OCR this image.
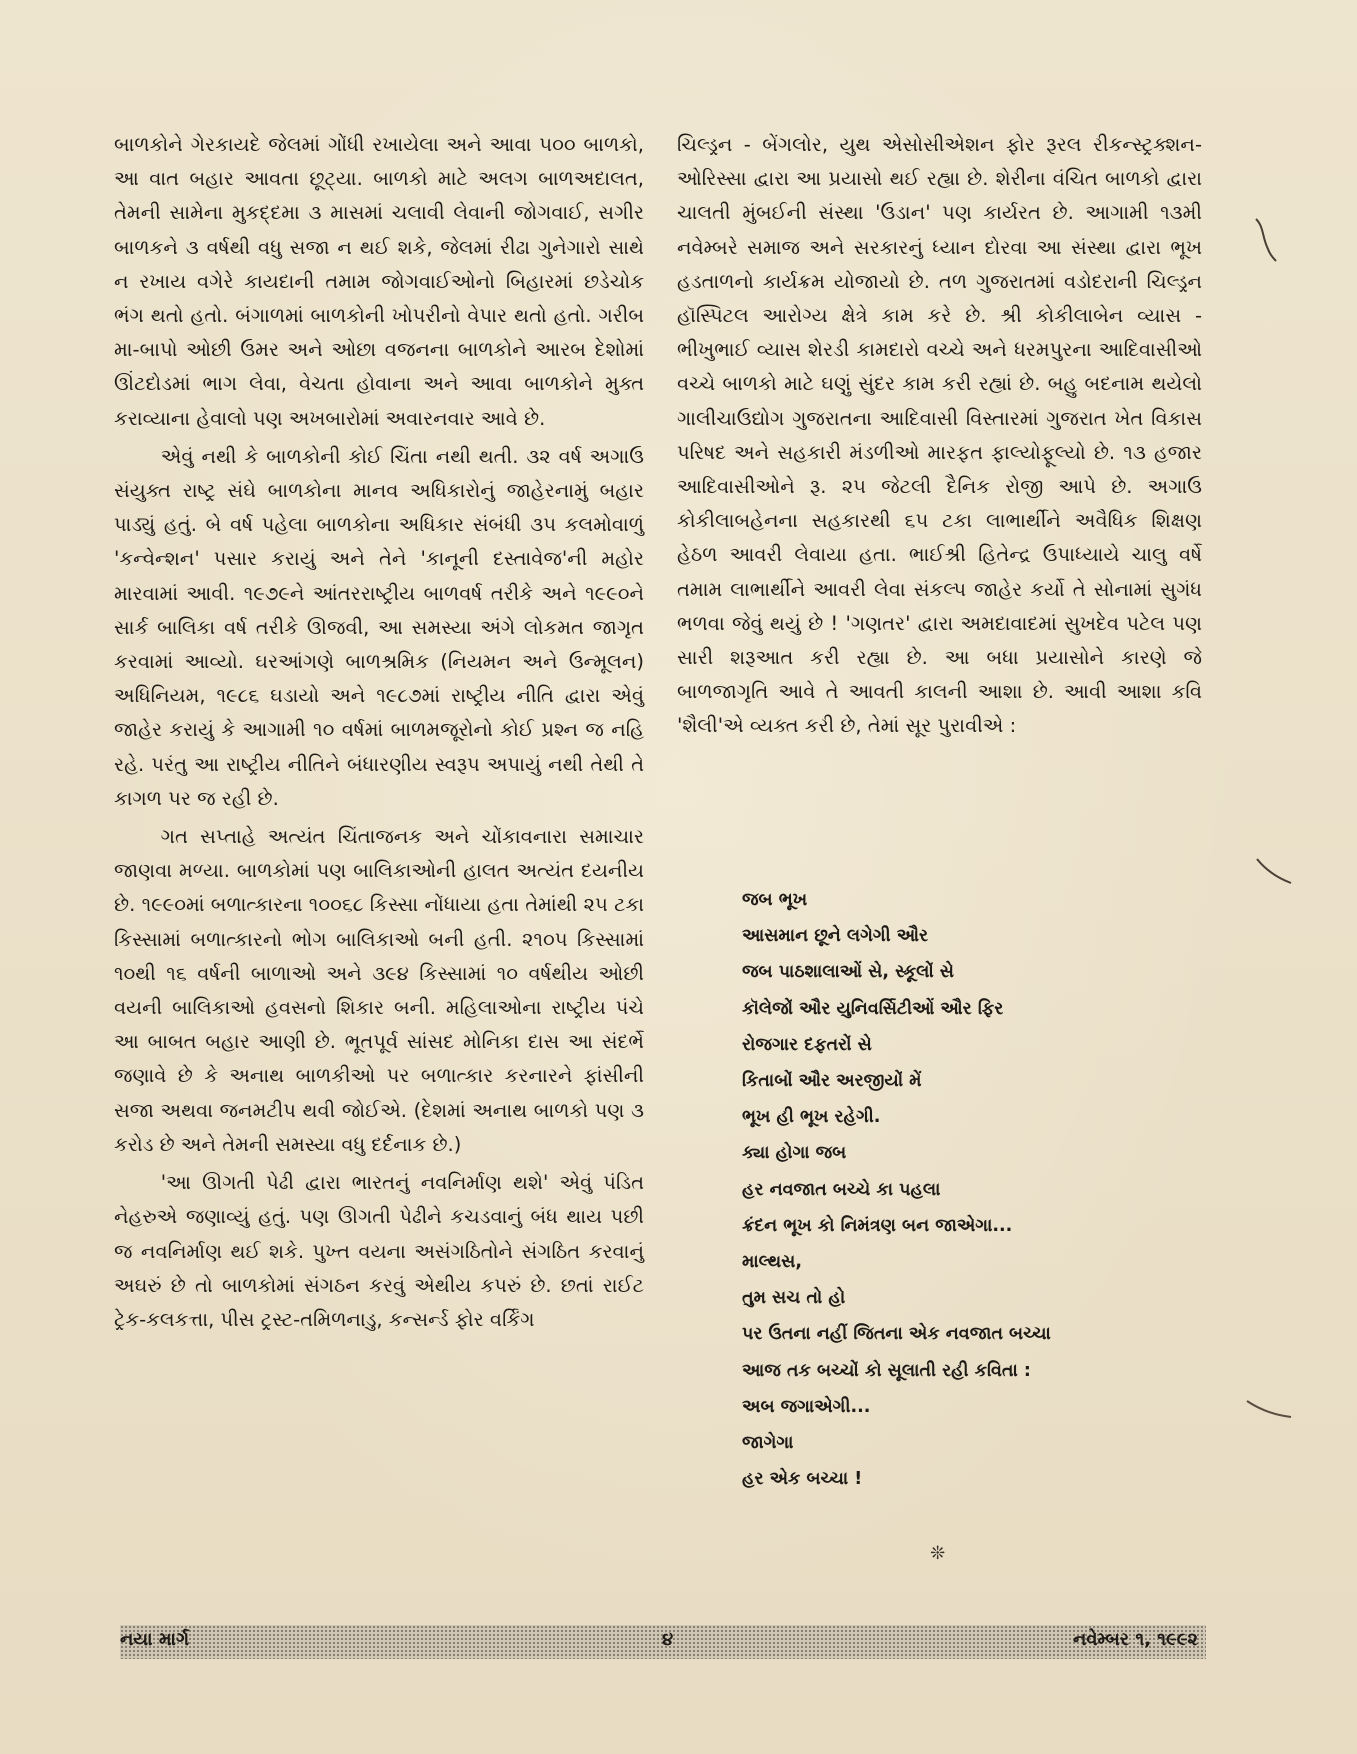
બાળકોને ગેરકાયદે જેલમાં ગોંધી રખાયેલા અને આવા ૫૦૦ બાળકો, આ વાત બહાર આવતા છૂટ્યા. બાળકો માટે અલગ બાળઅદાલત, તેમની સામેના મુકદ્દમા ૩ માસમાં ચલાવી લેવાની જોગવાઈ, સગીર બાળકને ૩ વર્ષથી વધુ સજા ન થઈ શકે, જેલમાં રીઢા ગુનેગારો સાથે ન રખાય વગેરે કાયદાની તમામ જોગવાઈઓનો બિહારમાં છડેચોક ભંગ થતો હતો. બંગાળમાં બાળકોની ખોપરીનો વેપાર થતો હતો. ગરીબ મા-બાપો ઓછી ઉમર અને ઓછા વજનના બાળકોને આરબ દેશોમાં ઊંટદોડમાં ભાગ લેવા, વેચતા હોવાના અને આવા બાળકોને મુક્ત કરાવ્યાના હેવાલો પણ અખબારોમાં અવારનવાર આવે છે.

એવું નથી કે બાળકોની કોઈ ચિંતા નથી થતી. ૩૨ વર્ષ અગાઉ સંયુક્ત રાષ્ટ્ર સંઘે બાળકોના માનવ અધિકારોનું જાહેરનામું બહાર પાડ્યું હતું. બે વર્ષ પહેલા બાળકોના અધિકાર સંબંધી ૩૫ કલમોવાળું 'કન્વેન્શન' પસાર કરાયું અને તેને 'કાનૂની દસ્તાવેજ'ની મહોર મારવામાં આવી. ૧૯૭૯ને આંતરરાષ્ટ્રીય બાળવર્ષ તરીકે અને ૧૯૯૦ને સાર્ક બાલિકા વર્ષ તરીકે ઊજવી, આ સમસ્યા અંગે લોકમત જાગૃત કરવામાં આવ્યો. ઘરઆંગણે બાળશ્રમિક (નિયમન અને ઉન્મૂલન) અધિનિયમ, ૧૯૮૬ ઘડાયો અને ૧૯૮૭માં રાષ્ટ્રીય નીતિ દ્વારા એવું જાહેર કરાયું કે આગામી ૧૦ વર્ષમાં બાળમજૂરોનો કોઈ પ્રશ્ન જ નહિ રહે. પરંતુ આ રાષ્ટ્રીય નીતિને બંધારણીય સ્વરૂપ અપાયું નથી તેથી તે કાગળ પર જ રહી છે.

ગત સપ્તાહે અત્યંત ચિંતાજનક અને ચોંકાવનારા સમાચાર જાણવા મળ્યા. બાળકોમાં પણ બાલિકાઓની હાલત અત્યંત દયનીય છે. ૧૯૯૦માં બળાત્કારના ૧૦૦૬૮ કિસ્સા નોંધાયા હતા તેમાંથી ૨૫ ટકા કિસ્સામાં બળાત્કારનો ભોગ બાલિકાઓ બની હતી. ૨૧૦૫ કિસ્સામાં ૧૦થી ૧૬ વર્ષની બાળાઓ અને ૩૯૪ કિસ્સામાં ૧૦ વર્ષથીય ઓછી વયની બાલિકાઓ હવસનો શિકાર બની. મહિલાઓના રાષ્ટ્રીય પંચે આ બાબત બહાર આણી છે. ભૂતપૂર્વ સાંસદ મોનિકા દાસ આ સંદર્ભે જણાવે છે કે અનાથ બાળકીઓ પર બળાત્કાર કરનારને ફાંસીની સજા અથવા જનમટીપ થવી જોઈએ. (દેશમાં અનાથ બાળકો પણ ૩ કરોડ છે અને તેમની સમસ્યા વધુ દર્દનાક છે.)

'આ ઊગતી પેઢી દ્વારા ભારતનું નવનિર્માણ થશે' એવું પંડિત નેહરુએ જણાવ્યું હતું. પણ ઊગતી પેઢીને કચડવાનું બંધ થાય પછી જ નવનિર્માણ થઈ શકે. પુખ્ત વયના અસંગઠિતોને સંગઠિત કરવાનું અઘરું છે તો બાળકોમાં સંગઠન કરવું એથીય કપરું છે. છતાં રાઈટ ટ્રેક-કલકત્તા, પીસ ટ્રસ્ટ-તમિળનાડુ, કન્સર્ન્ડ ફોર વર્કિંગ

ચિલ્ડ્રન - બેંગલોર, યુથ એસોસીએશન ફોર રૂરલ રીકન્સ્ટ્રક્શન-ઓરિસ્સા દ્વારા આ પ્રયાસો થઈ રહ્યા છે. શેરીના વંચિત બાળકો દ્વારા ચાલતી મુંબઈની સંસ્થા 'ઉડાન' પણ કાર્યરત છે. આગામી ૧૩મી નવેમ્બરે સમાજ અને સરકારનું ધ્યાન દોરવા આ સંસ્થા દ્વારા ભૂખ હડતાળનો કાર્યક્રમ યોજાયો છે. તળ ગુજરાતમાં વડોદરાની ચિલ્ડ્રન હૉસ્પિટલ આરોગ્ય ક્ષેત્રે કામ કરે છે. શ્રી કોકીલાબેન વ્યાસ - ભીખુભાઈ વ્યાસ શેરડી કામદારો વચ્ચે અને ધરમપુરના આદિવાસીઓ વચ્ચે બાળકો માટે ઘણું સુંદર કામ કરી રહ્યાં છે. બહુ બદનામ થયેલો ગાલીચાઉદ્યોગ ગુજરાતના આદિવાસી વિસ્તારમાં ગુજરાત ખેત વિકાસ પરિષદ અને સહકારી મંડળીઓ મારફત ફાલ્યોફૂલ્યો છે. ૧૩ હજાર આદિવાસીઓને રૂ. ૨૫ જેટલી દૈનિક રોજી આપે છે. અગાઉ કોકીલાબહેનના સહકારથી ૬૫ ટકા લાભાર્થીને અવૈધિક શિક્ષણ હેઠળ આવરી લેવાયા હતા. ભાઈશ્રી હિતેન્દ્ર ઉપાધ્યાયે ચાલુ વર્ષે તમામ લાભાર્થીને આવરી લેવા સંકલ્પ જાહેર કર્યો તે સોનામાં સુગંધ ભળવા જેવું થયું છે ! 'ગણતર' દ્વારા અમદાવાદમાં સુખદેવ પટેલ પણ સારી શરૂઆત કરી રહ્યા છે. આ બધા પ્રયાસોને કારણે જે બાળજાગૃતિ આવે તે આવતી કાલની આશા છે. આવી આશા કવિ 'શૈલી'એ વ્યક્ત કરી છે, તેમાં સૂર પુરાવીએ :

જબ ભૂખ
આસમાન છૂને લગેગી ઔર
જબ પાઠશાલાઓં સે, સ્કૂલોં સે
કૉલેજોં ઔર યુનિવર્સિટીઓં ઔર ફિર
રોજગાર દફતરોં સે
કિતાબોં ઔર અરજીયોં મેં
ભૂખ હી ભૂખ રહેગી.
ક્યા હોગા જબ
હર નવજાત બચ્ચે કા પહલા
ક્રંદન ભૂખ કો નિમંત્રણ બન જાએગા...
માલ્થસ,
તુમ સચ તો હો
પર ઉતના નહીં જિતના એક નવજાત બચ્ચા
આજ તક બચ્ચોં કો સૂલાતી રહી કવિતા :
અબ જગાએગી...
જાગેગા
હર એક બચ્ચા !
❊
નયા માર્ગ	૪	નવેમ્બર ૧, ૧૯૯૨
